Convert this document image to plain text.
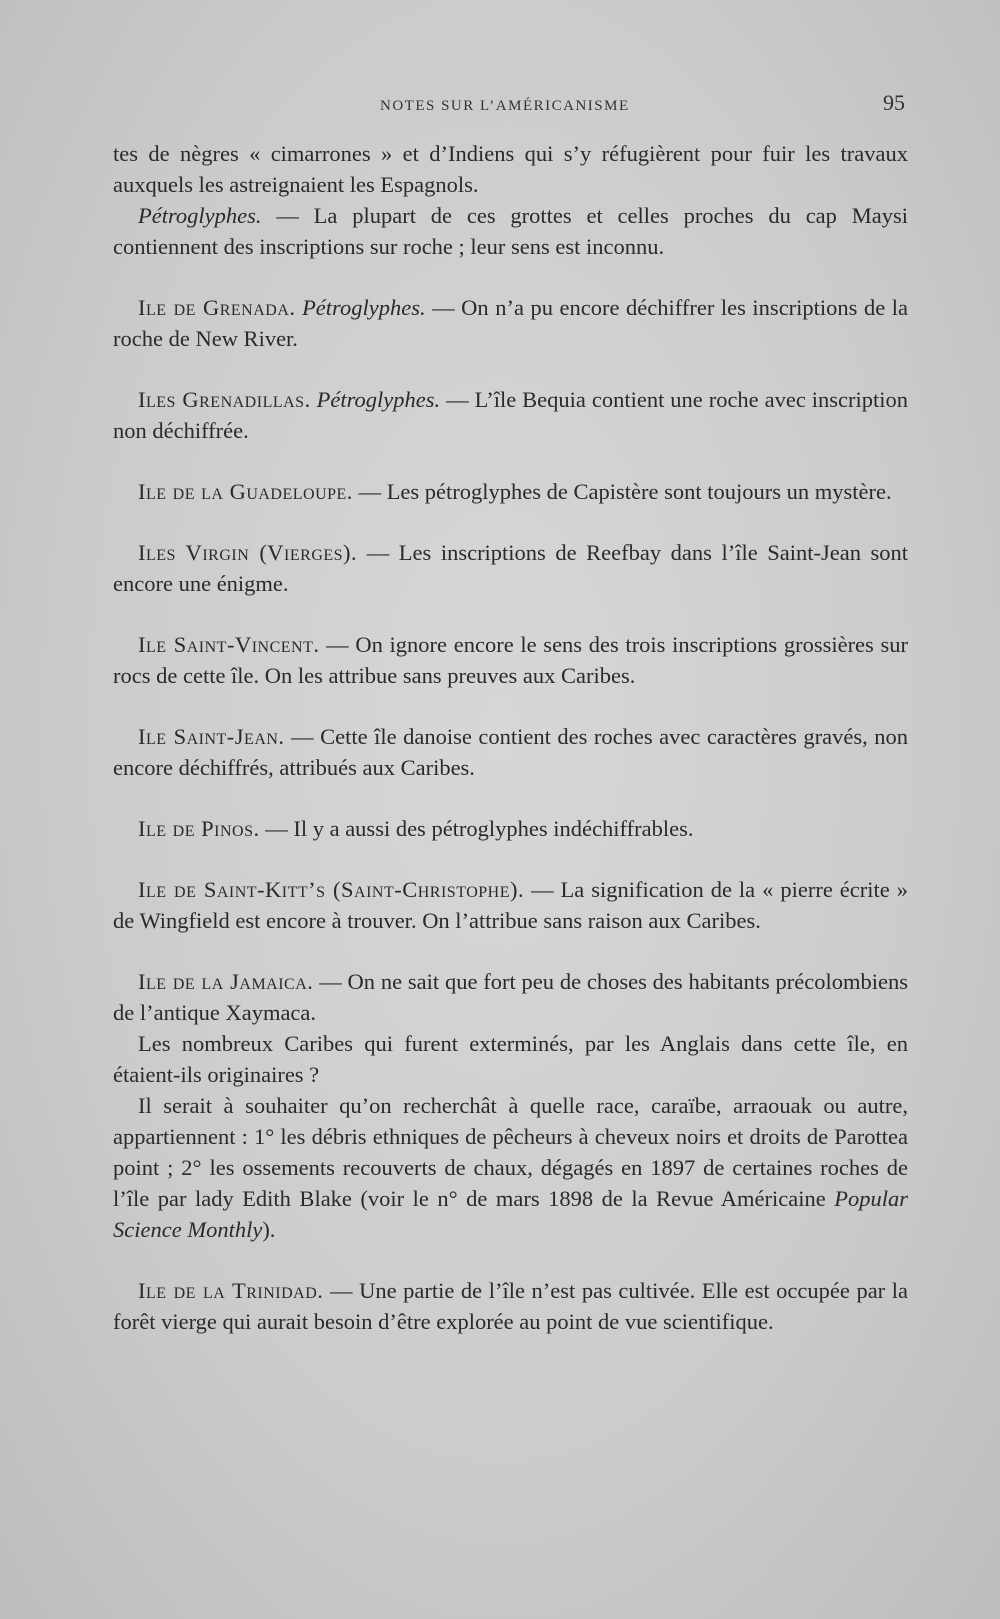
NOTES SUR L’AMÉRICANISME	95

tes de nègres « cimarrones » et d’Indiens qui s’y réfugièrent pour fuir les travaux auxquels les astreignaient les Espagnols.

Pétroglyphes. — La plupart de ces grottes et celles proches du cap Maysi contiennent des inscriptions sur roche ; leur sens est inconnu.

Ile de Grenada. Pétroglyphes. — On n’a pu encore déchiffrer les inscriptions de la roche de New River.

Iles Grenadillas. Pétroglyphes. — L’île Bequia contient une roche avec inscription non déchiffrée.

Ile de la Guadeloupe. — Les pétroglyphes de Capistère sont toujours un mystère.

Iles Virgin (Vierges). — Les inscriptions de Reefbay dans l’île Saint-Jean sont encore une énigme.

Ile Saint-Vincent. — On ignore encore le sens des trois inscriptions grossières sur rocs de cette île. On les attribue sans preuves aux Caribes.

Ile Saint-Jean. — Cette île danoise contient des roches avec caractères gravés, non encore déchiffrés, attribués aux Caribes.

Ile de Pinos. — Il y a aussi des pétroglyphes indéchiffrables.

Ile de Saint-Kitt’s (Saint-Christophe). — La signification de la « pierre écrite » de Wingfield est encore à trouver. On l’attribue sans raison aux Caribes.

Ile de la Jamaica. — On ne sait que fort peu de choses des habitants précolombiens de l’antique Xaymaca.

Les nombreux Caribes qui furent exterminés, par les Anglais dans cette île, en étaient-ils originaires ?

Il serait à souhaiter qu’on recherchât à quelle race, caraïbe, arraouak ou autre, appartiennent : 1° les débris ethniques de pêcheurs à cheveux noirs et droits de Parottea point ; 2° les ossements recouverts de chaux, dégagés en 1897 de certaines roches de l’île par lady Edith Blake (voir le n° de mars 1898 de la Revue Américaine Popular Science Monthly).

Ile de la Trinidad. — Une partie de l’île n’est pas cultivée. Elle est occupée par la forêt vierge qui aurait besoin d’être explorée au point de vue scientifique.
